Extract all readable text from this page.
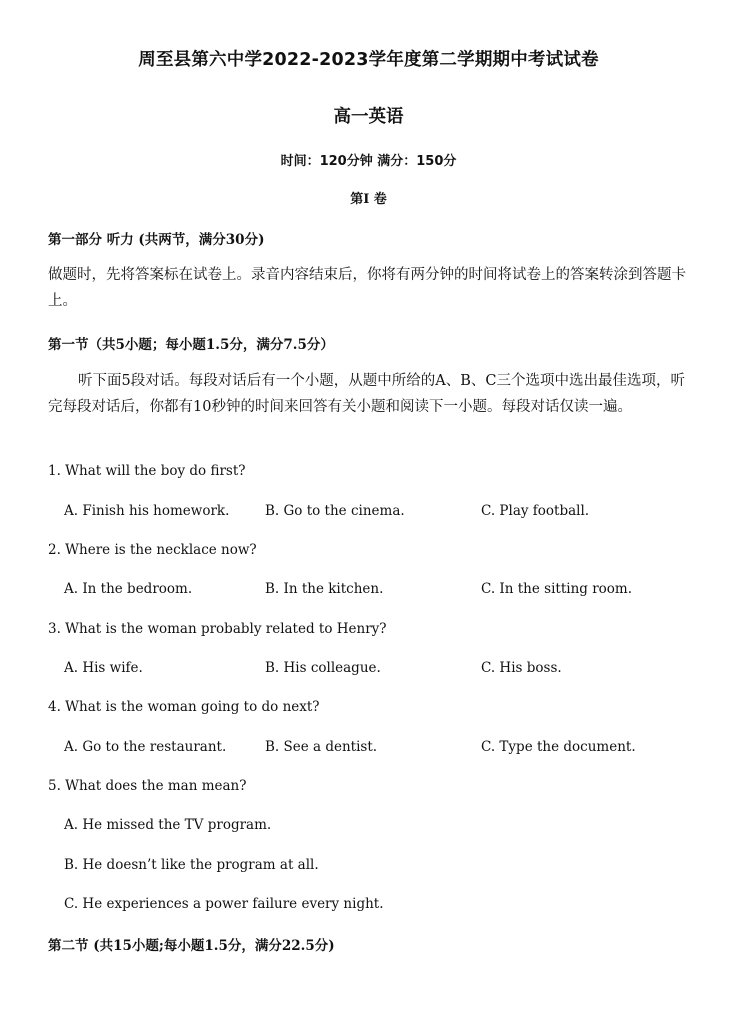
周至县第六中学2022-2023学年度第二学期期中考试试卷
高一英语
时间：120分钟 满分：150分
第Ⅰ 卷
第一部分 听力 (共两节，满分30分)
做题时，先将答案标在试卷上。录音内容结束后，你将有两分钟的时间将试卷上的答案转涂到答题卡上。
第一节（共5小题；每小题1.5分，满分7.5分）
听下面5段对话。每段对话后有一个小题，从题中所给的A、B、C三个选项中选出最佳选项，听完每段对话后，你都有10秒钟的时间来回答有关小题和阅读下一小题。每段对话仅读一遍。
1. What will the boy do first?
A. Finish his homework.	B. Go to the cinema.	C. Play football.
2. Where is the necklace now?
A. In the bedroom.	B. In the kitchen.	C. In the sitting room.
3. What is the woman probably related to Henry?
A. His wife.	B. His colleague.	C. His boss.
4. What is the woman going to do next?
A. Go to the restaurant.	B. See a dentist.	C. Type the document.
5. What does the man mean?
A. He missed the TV program.
B. He doesn’t like the program at all.
C. He experiences a power failure every night.
第二节 (共15小题;每小题1.5分，满分22.5分)
